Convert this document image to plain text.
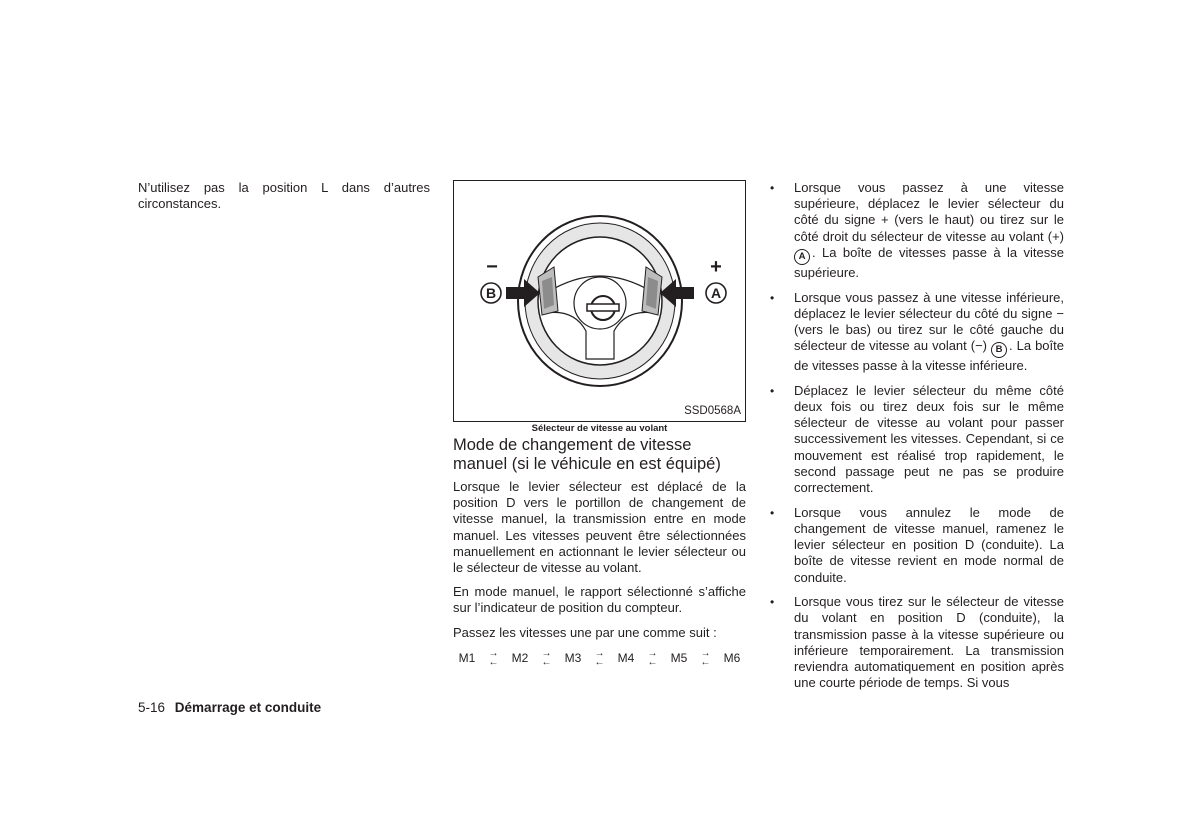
N’utilisez pas la position L dans d’autres circonstances.

B	A
−	+
SSD0568A
Sélecteur de vitesse au volant
Mode de changement de vitesse manuel (si le véhicule en est équipé)

Lorsque le levier sélecteur est déplacé de la position D vers le portillon de changement de vitesse manuel, la transmission entre en mode manuel. Les vitesses peuvent être sélectionnées manuellement en actionnant le levier sélecteur ou le sélecteur de vitesse au volant.

En mode manuel, le rapport sélectionné s’affiche sur l’indicateur de position du compteur.

Passez les vitesses une par une comme suit :

M1	→
←	M2	→
←	M3	→
←	M4	→
←	M5	→
←	M6
• Lorsque vous passez à une vitesse supérieure, déplacez le levier sélecteur du côté du signe + (vers le haut) ou tirez sur le côté droit du sélecteur de vitesse au volant (+) A . La boîte de vitesses passe à la vitesse supérieure.
• Lorsque vous passez à une vitesse inférieure, déplacez le levier sélecteur du côté du signe − (vers le bas) ou tirez sur le côté gauche du sélecteur de vitesse au volant (−) B . La boîte de vitesses passe à la vitesse inférieure.
• Déplacez le levier sélecteur du même côté deux fois ou tirez deux fois sur le même sélecteur de vitesse au volant pour passer successivement les vitesses. Cependant, si ce mouvement est réalisé trop rapidement, le second passage peut ne pas se produire correctement.
• Lorsque vous annulez le mode de changement de vitesse manuel, ramenez le levier sélecteur en position D (conduite). La boîte de vitesse revient en mode normal de conduite.
• Lorsque vous tirez sur le sélecteur de vitesse du volant en position D (conduite), la transmission passe à la vitesse supérieure ou inférieure temporairement. La transmission reviendra automatiquement en position après une courte période de temps. Si vous
5-16 Démarrage et conduite
